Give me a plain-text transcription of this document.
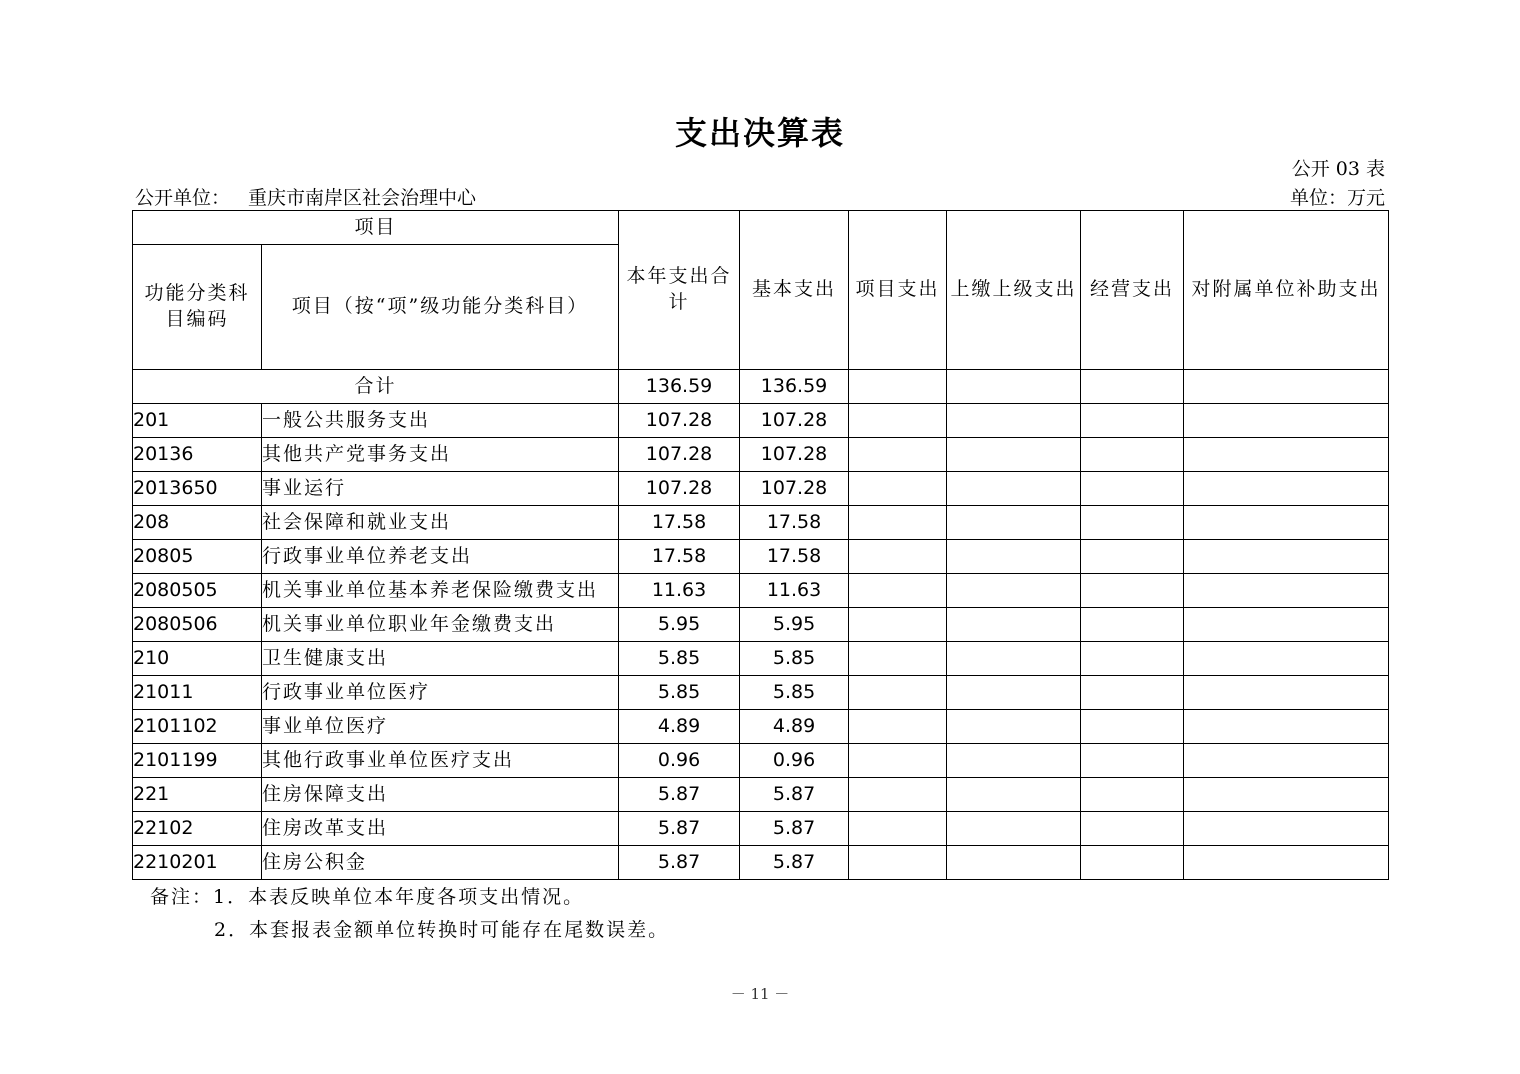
支出决算表
公开 03 表
公开单位： 重庆市南岸区社会治理中心	单位：万元
项目		本年支出合计	基本支出	项目支出	上缴上级支出	经营支出	对附属单位补助支出
功能分类科目编码	项目（按“项”级功能分类科目）						
合计		136.59	136.59				
201	一般公共服务支出	107.28	107.28				
20136	其他共产党事务支出	107.28	107.28				
2013650	事业运行	107.28	107.28				
208	社会保障和就业支出	17.58	17.58				
20805	行政事业单位养老支出	17.58	17.58				
2080505	机关事业单位基本养老保险缴费支出	11.63	11.63				
2080506	机关事业单位职业年金缴费支出	5.95	5.95				
210	卫生健康支出	5.85	5.85				
21011	行政事业单位医疗	5.85	5.85				
2101102	事业单位医疗	4.89	4.89				
2101199	其他行政事业单位医疗支出	0.96	0.96				
221	住房保障支出	5.87	5.87				
22102	住房改革支出	5.87	5.87				
2210201	住房公积金	5.87	5.87				
备注：1．本表反映单位本年度各项支出情况。
2．本套报表金额单位转换时可能存在尾数误差。
－ 11 －
